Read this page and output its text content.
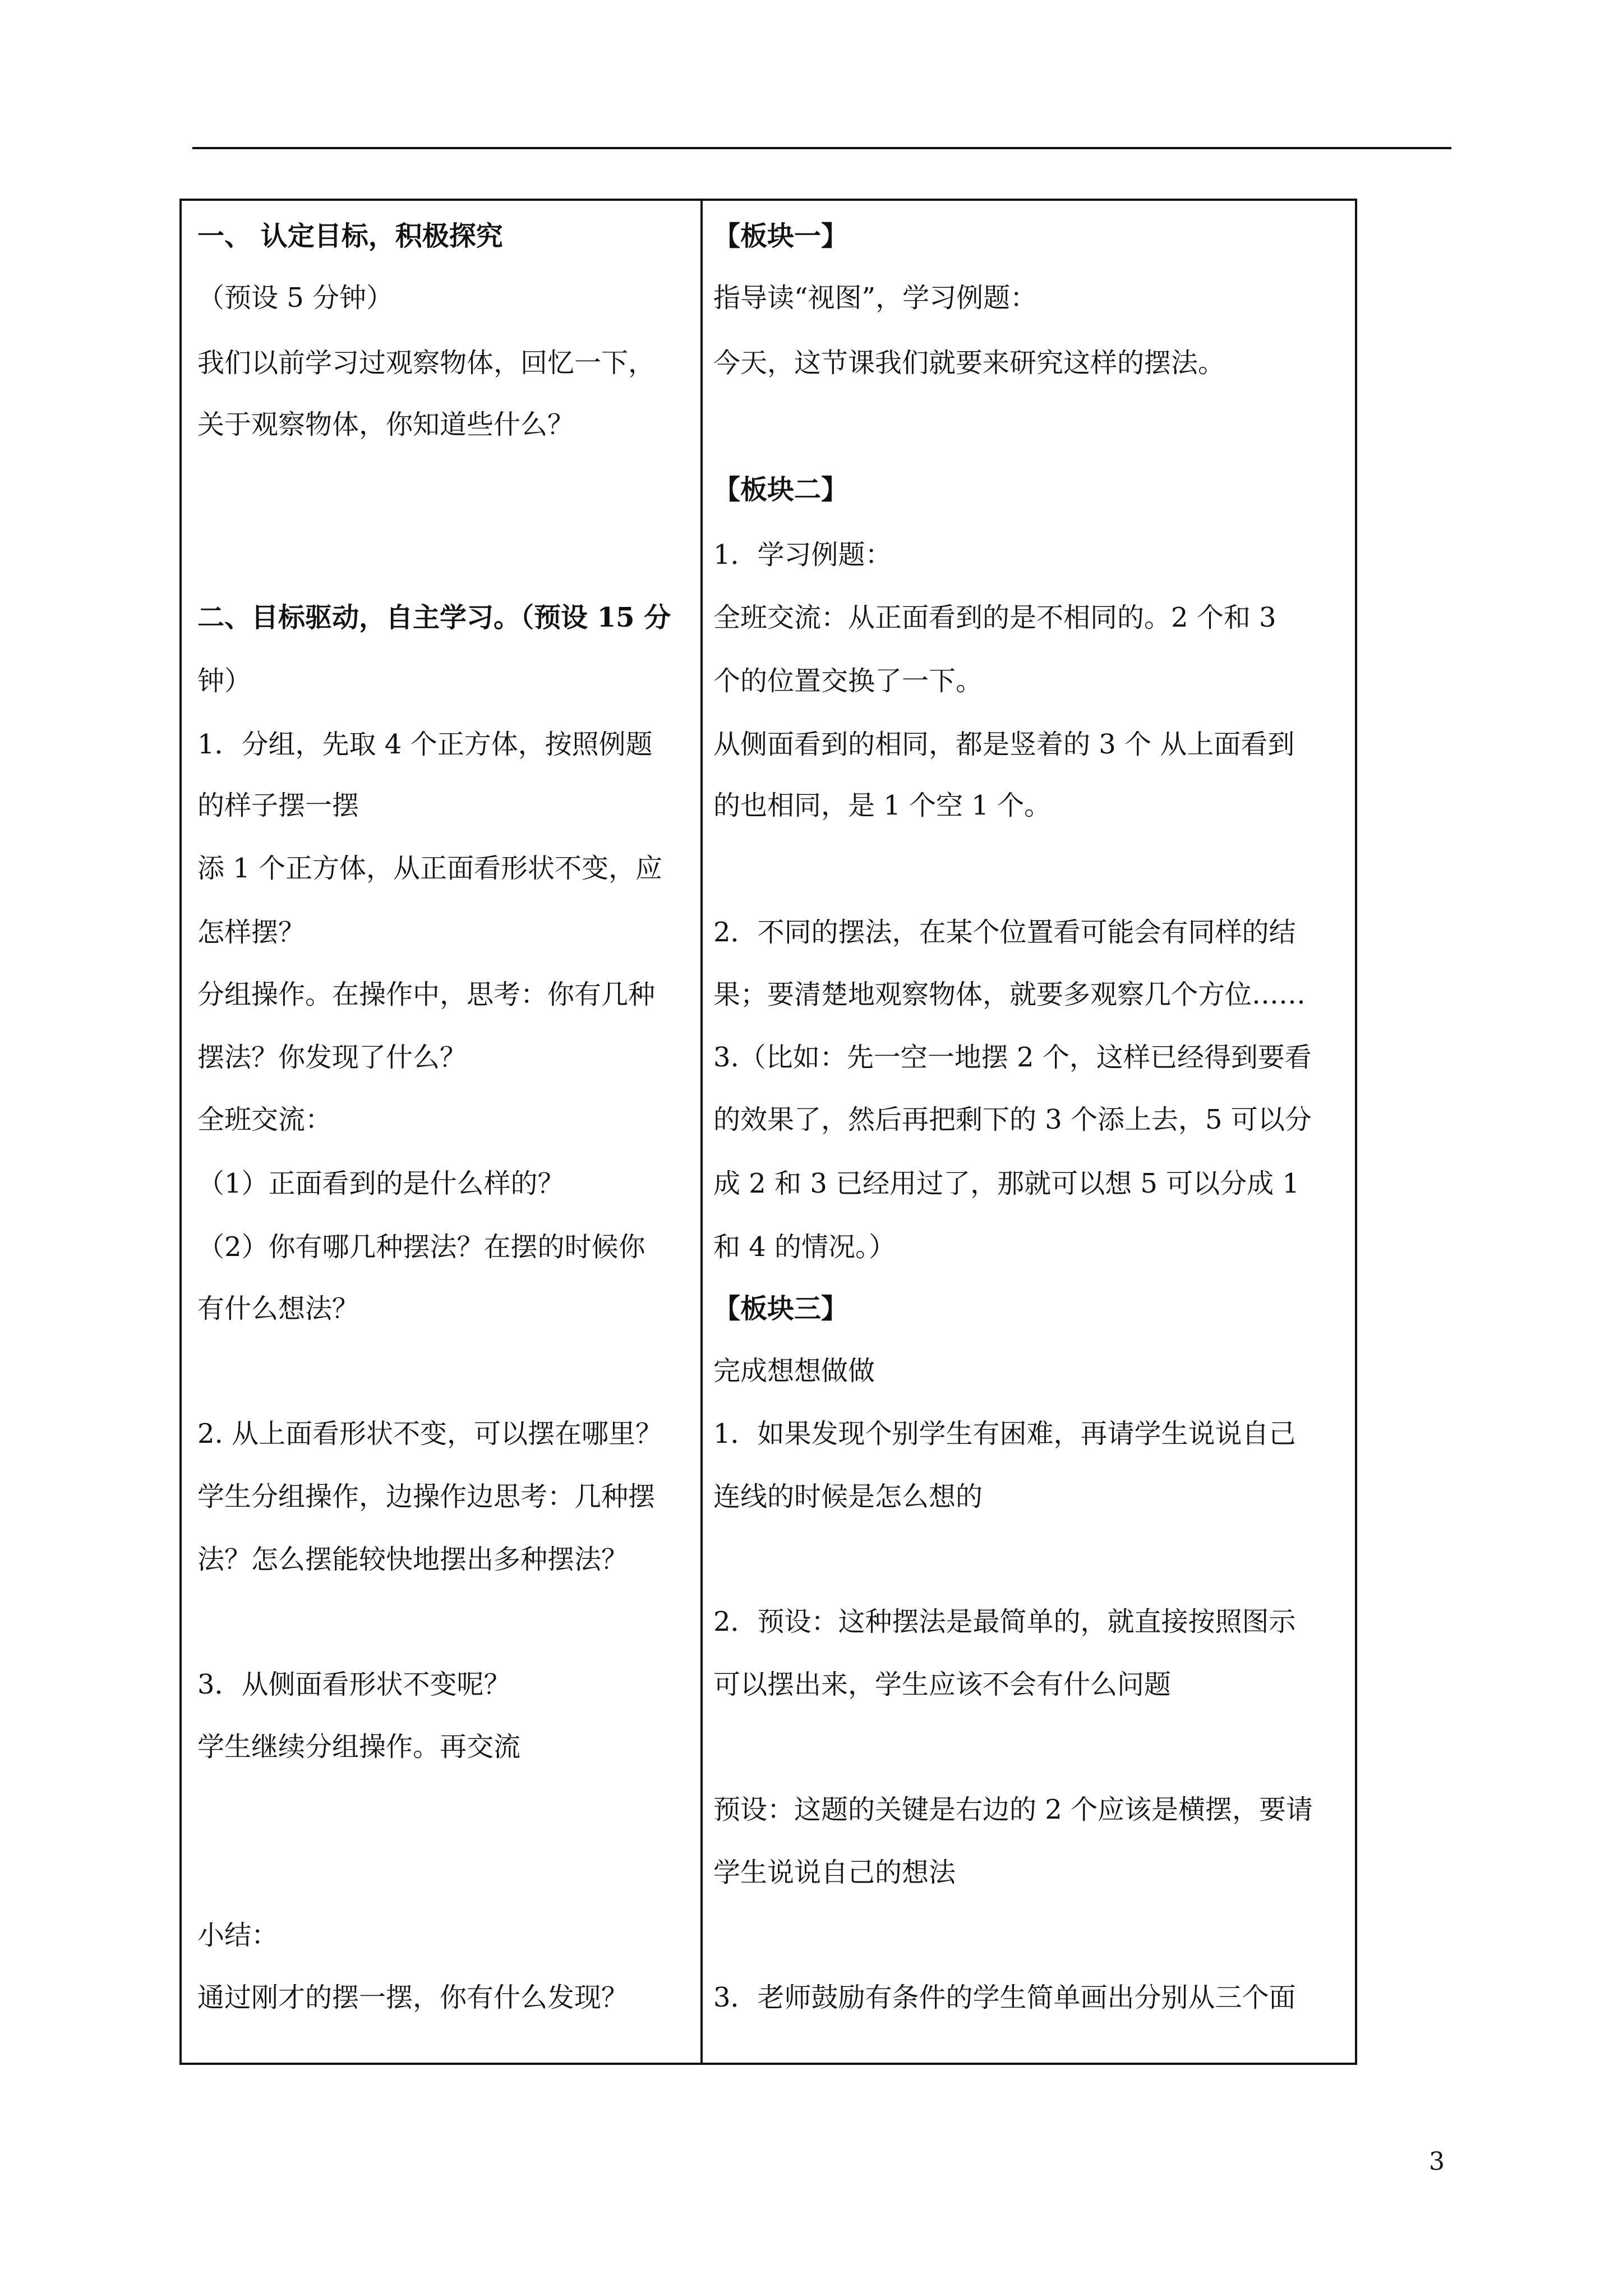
一、 认定目标，积极探究
（预设 5 分钟）
我们以前学习过观察物体，回忆一下，
关于观察物体，你知道些什么？
二、目标驱动，自主学习。（预设 15 分
钟）
1．分组，先取 4 个正方体，按照例题
的样子摆一摆
添 1 个正方体，从正面看形状不变，应
怎样摆？
分组操作。在操作中，思考：你有几种
摆法？你发现了什么？
全班交流：
（1）正面看到的是什么样的？
（2）你有哪几种摆法？在摆的时候你
有什么想法？
2. 从上面看形状不变，可以摆在哪里？
学生分组操作，边操作边思考：几种摆
法？怎么摆能较快地摆出多种摆法？
3．从侧面看形状不变呢？
学生继续分组操作。再交流
小结：
通过刚才的摆一摆，你有什么发现？
【板块一】
指导读“视图”，学习例题：
今天，这节课我们就要来研究这样的摆法。
【板块二】
1．学习例题：
全班交流：从正面看到的是不相同的。2 个和 3
个的位置交换了一下。
从侧面看到的相同，都是竖着的 3 个 从上面看到
的也相同，是 1 个空 1 个。
2．不同的摆法，在某个位置看可能会有同样的结
果；要清楚地观察物体，就要多观察几个方位……
3.（比如：先一空一地摆 2 个，这样已经得到要看
的效果了，然后再把剩下的 3 个添上去，5 可以分
成 2 和 3 已经用过了，那就可以想 5 可以分成 1
和 4 的情况。）
【板块三】
完成想想做做
1．如果发现个别学生有困难，再请学生说说自己
连线的时候是怎么想的
2．预设：这种摆法是最简单的，就直接按照图示
可以摆出来，学生应该不会有什么问题
预设：这题的关键是右边的 2 个应该是横摆，要请
学生说说自己的想法
3．老师鼓励有条件的学生简单画出分别从三个面
3
